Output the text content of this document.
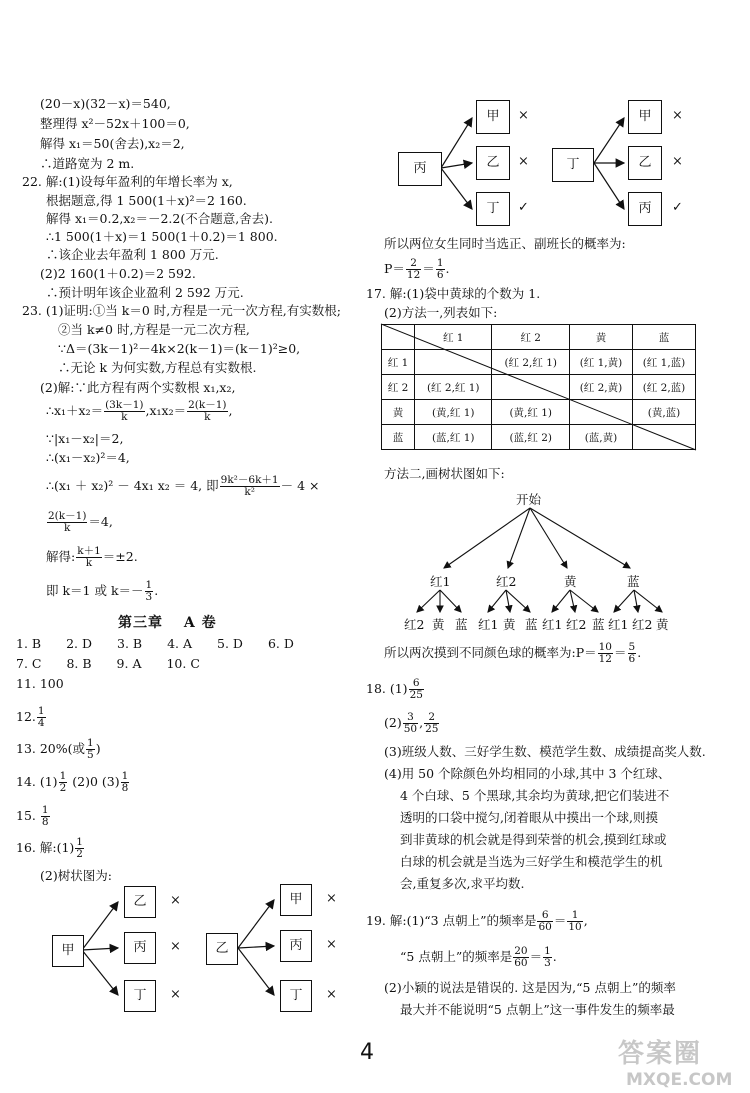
(20－x)(32－x)＝540,
整理得 x²－52x＋100＝0,
解得 x₁＝50(舍去),x₂＝2,
∴道路宽为 2 m.
22. 解:(1)设每年盈利的年增长率为 x,
根据题意,得 1 500(1＋x)²＝2 160.
解得 x₁＝0.2,x₂＝－2.2(不合题意,舍去).
∴1 500(1＋x)＝1 500(1＋0.2)＝1 800.
∴该企业去年盈利 1 800 万元.
(2)2 160(1＋0.2)＝2 592.
∴预计明年该企业盈利 2 592 万元.
23. (1)证明:①当 k＝0 时,方程是一元一次方程,有实数根;
②当 k≠0 时,方程是一元二次方程,
∵Δ＝(3k－1)²－4k×2(k－1)＝(k－1)²≥0,
∴无论 k 为何实数,方程总有实数根.
(2)解:∵此方程有两个实数根 x₁,x₂,
∴x₁＋x₂＝ $\frac{(3k-1)}{k} ,x_1x_2= \frac{2(k-1)}{k}$ ,
∵|x₁－x₂|＝2,
∴(x₁－x₂)²＝4,
∴(x₁ ＋ x₂)² － 4x₁ x₂ ＝ 4, 即 $\frac{\text{9k²－6k＋1}}{\text{k²}} - 4$ ×
$\frac{2(k-1)}{k} =4$,
解得: $\frac{k+1}{k} =\pm 2$.
即 k＝1 或 $k=- \frac{1}{3}$ .
第三章　 A 卷
1. B　　2. D　　3. B　　4. A　　5. D　　6. D
7. C　　8. B　　9. A　　10. C
11. 100
12. $\frac{1}{4}$
13. 20%(或 $\frac{1}{5}$ )
14. $(1) \frac{1}{2} (2)0$ $(3) \frac{1}{8}$
15. $\frac{1}{8}$
16. 解:(1) $\frac{1}{2}$
(2)树状图为:
甲
乙
丙
丁
×
×
×
乙
甲
丙
丁
×
×
×
丙
甲
乙
丁
×
×
✓
丁
甲
乙
丙
×
×
✓
所以两位女生同时当选正、副班长的概率为:
$P= \frac{2}{12} = \frac{1}{6}$ .
17. 解:(1)袋中黄球的个数为 1.
(2)方法一,列表如下:
	红 1	红 2	黄	蓝
红 1		(红 2,红 1)	(红 1,黄)	(红 1,蓝)
红 2	(红 2,红 1)		(红 2,黄)	(红 2,蓝)
黄	(黄,红 1)	(黄,红 1)		(黄,蓝)
蓝	(蓝,红 1)	(蓝,红 2)	(蓝,黄)	
方法二,画树状图如下:
开始
红1	红2	黄	蓝
红2 黄 蓝 红1 黄 蓝 红1 红2 蓝 红1 红2 黄
所以两次摸到不同颜色球的概率为:P＝ $\frac{10}{12} = \frac{5}{6}$ .
18. $(1) \frac{6}{25}$
$(2) \frac{3}{50}$ , $\frac{2}{25}$
(3)班级人数、三好学生数、模范学生数、成绩提高奖人数.
(4)用 50 个除颜色外均相同的小球,其中 3 个红球、
4 个白球、5 个黑球,其余均为黄球,把它们装进不
透明的口袋中搅匀,闭着眼从中摸出一个球,则摸
到非黄球的机会就是得到荣誉的机会,摸到红球或
白球的机会就是当选为三好学生和模范学生的机
会,重复多次,求平均数.
19. 解:(1)“3 点朝上”的频率是 $\frac{6}{60} = \frac{1}{10}$ ,
“5 点朝上”的频率是 $\frac{20}{60} = \frac{1}{3}$ .
(2)小颖的说法是错误的. 这是因为,“5 点朝上”的频率
最大并不能说明“5 点朝上”这一事件发生的频率最
4	答案圈
MXQE.COM
